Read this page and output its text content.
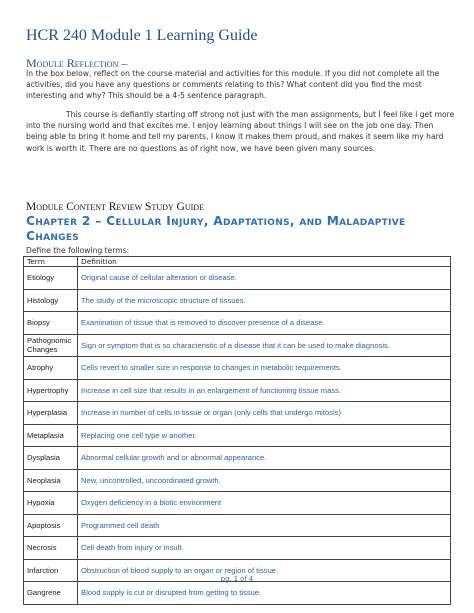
HCR 240 Module 1 Learning Guide
Module Reflection –
In the box below, reflect on the course material and activities for this module. If you did not complete all the activities, did you have any questions or comments relating to this? What content did you find the most interesting and why? This should be a 4-5 sentence paragraph.
This course is defiantly starting off strong not just with the man assignments, but I feel like I get more into the nursing world and that excites me. I enjoy learning about things I will see on the job one day. Then being able to bring it home and tell my parents, I know it makes them proud, and makes it seem like my hard work is worth it. There are no questions as of right now, we have been given many sources.
Module Content Review Study Guide
Chapter 2 – Cellular Injury, Adaptations, and Maladaptive Changes
Define the following terms:
Term	Definition
Etiology	Original cause of cellular alteration or disease.
Histology	The study of the microscopic structure of tissues.
Biopsy	Examination of tissue that is removed to discover presence of a disease.
Pathognomic Changes	Sign or symptom that is so characteristic of a disease that it can be used to make diagnosis.
Atrophy	Cells revert to smaller size in response to changes in metabolic requirements.
Hypertrophy	Increase in cell size that results in an enlargement of functioning tissue mass.
Hyperplasia	Increase in number of cells in tissue or organ (only cells that undergo mitosis)
Metaplasia	Replacing one cell type w another.
Dysplasia	Abnormal cellular growth and or abnormal appearance.
Neoplasia	New, uncontrolled, uncoordinated growth.
Hypoxia	Oxygen deficiency in a biotic environment
Apoptosis	Programmed cell death
Necrosis	Cell death from injury or insult.
Infarction	Obstruction of blood supply to an organ or region of tissue.
Gangrene	Blood supply is cut or disrupted from getting to tissue.
pg. 1 of 4
